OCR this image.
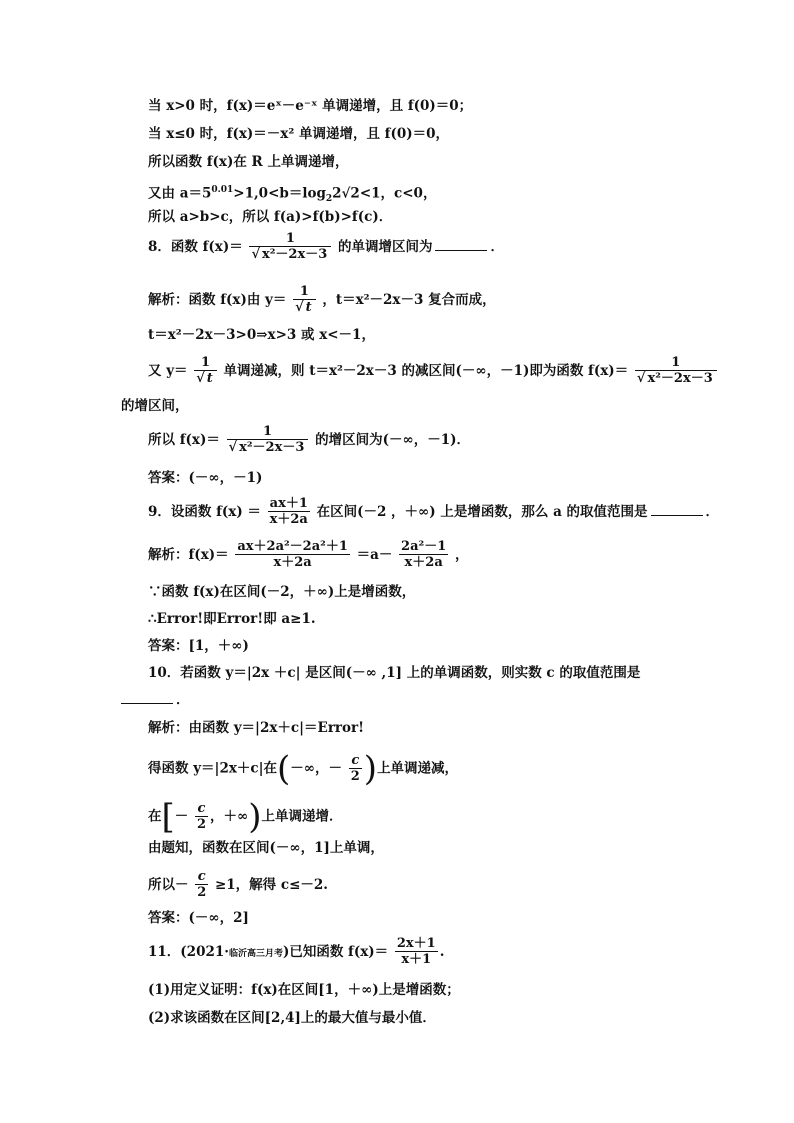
当 x>0 时，f(x)＝eˣ－e⁻ˣ 单调递增，且 f(0)＝0；
当 x≤0 时，f(x)＝－x² 单调递增，且 f(0)＝0，
所以函数 f(x)在 R 上单调递增，
又由 $a=5^{0.01}>1,0<b=\log_22√2<1$，c<0，
所以 a>b>c，所以 f(a)>f(b)>f(c)．
8．函数 $f(x)= \frac{1}{\text{√ x²－2x－3}}$ 的单调增区间为	．
解析：函数 f(x)由 $y= \frac{1}{√ t}$ ，t＝x²－2x－3 复合而成，
t＝x²－2x－3>0⇒x>3 或 x<－1，
又 $y= \frac{1}{√ t}$ 单调递减，则 t＝x²－2x－3 的减区间(－∞，－1)即为函数 $f(x)= \frac{1}{\text{√ x²－2x－3}}$
的增区间，
所以 $f(x)= \frac{1}{\text{√ x²－2x－3}}$ 的增区间为(－∞，－1)．
答案：(－∞，－1)
9．设函数 $f(x) = \frac{ax+1}{x+2a}$ 在区间(－2 ，＋∞) 上是增函数，那么 a 的取值范围是	．
解析：$f(x)= \frac{\text{ax＋2a²－2a²＋1}}{x+2a} =a- \frac{\text{2a²－1}}{x+2a}$ ，
∵函数 f(x)在区间(－2，＋∞)上是增函数，
∴Error!即Error!即 a≥1.
答案：[1，＋∞)
10．若函数 y＝|2x ＋c| 是区间(－∞ ,1] 上的单调函数，则实数 c 的取值范围是
．
解析：由函数 y＝|2x＋c|＝Error!
得函数 y＝|2x＋c|在(－∞，－ $\frac{c}{2}$ )上单调递减，
在[－ $\frac{c}{2}$ ，＋∞)上单调递增．
由题知，函数在区间(－∞，1]上单调，
所以－ $\frac{c}{2} \ge 1$，解得 c≤－2.
答案：(－∞，2]
11．(2021·临沂高三月考)已知函数 $f(x)= \frac{2x+1}{x+1}$ .
(1)用定义证明：f(x)在区间[1，＋∞)上是增函数；
(2)求该函数在区间[2,4]上的最大值与最小值．
